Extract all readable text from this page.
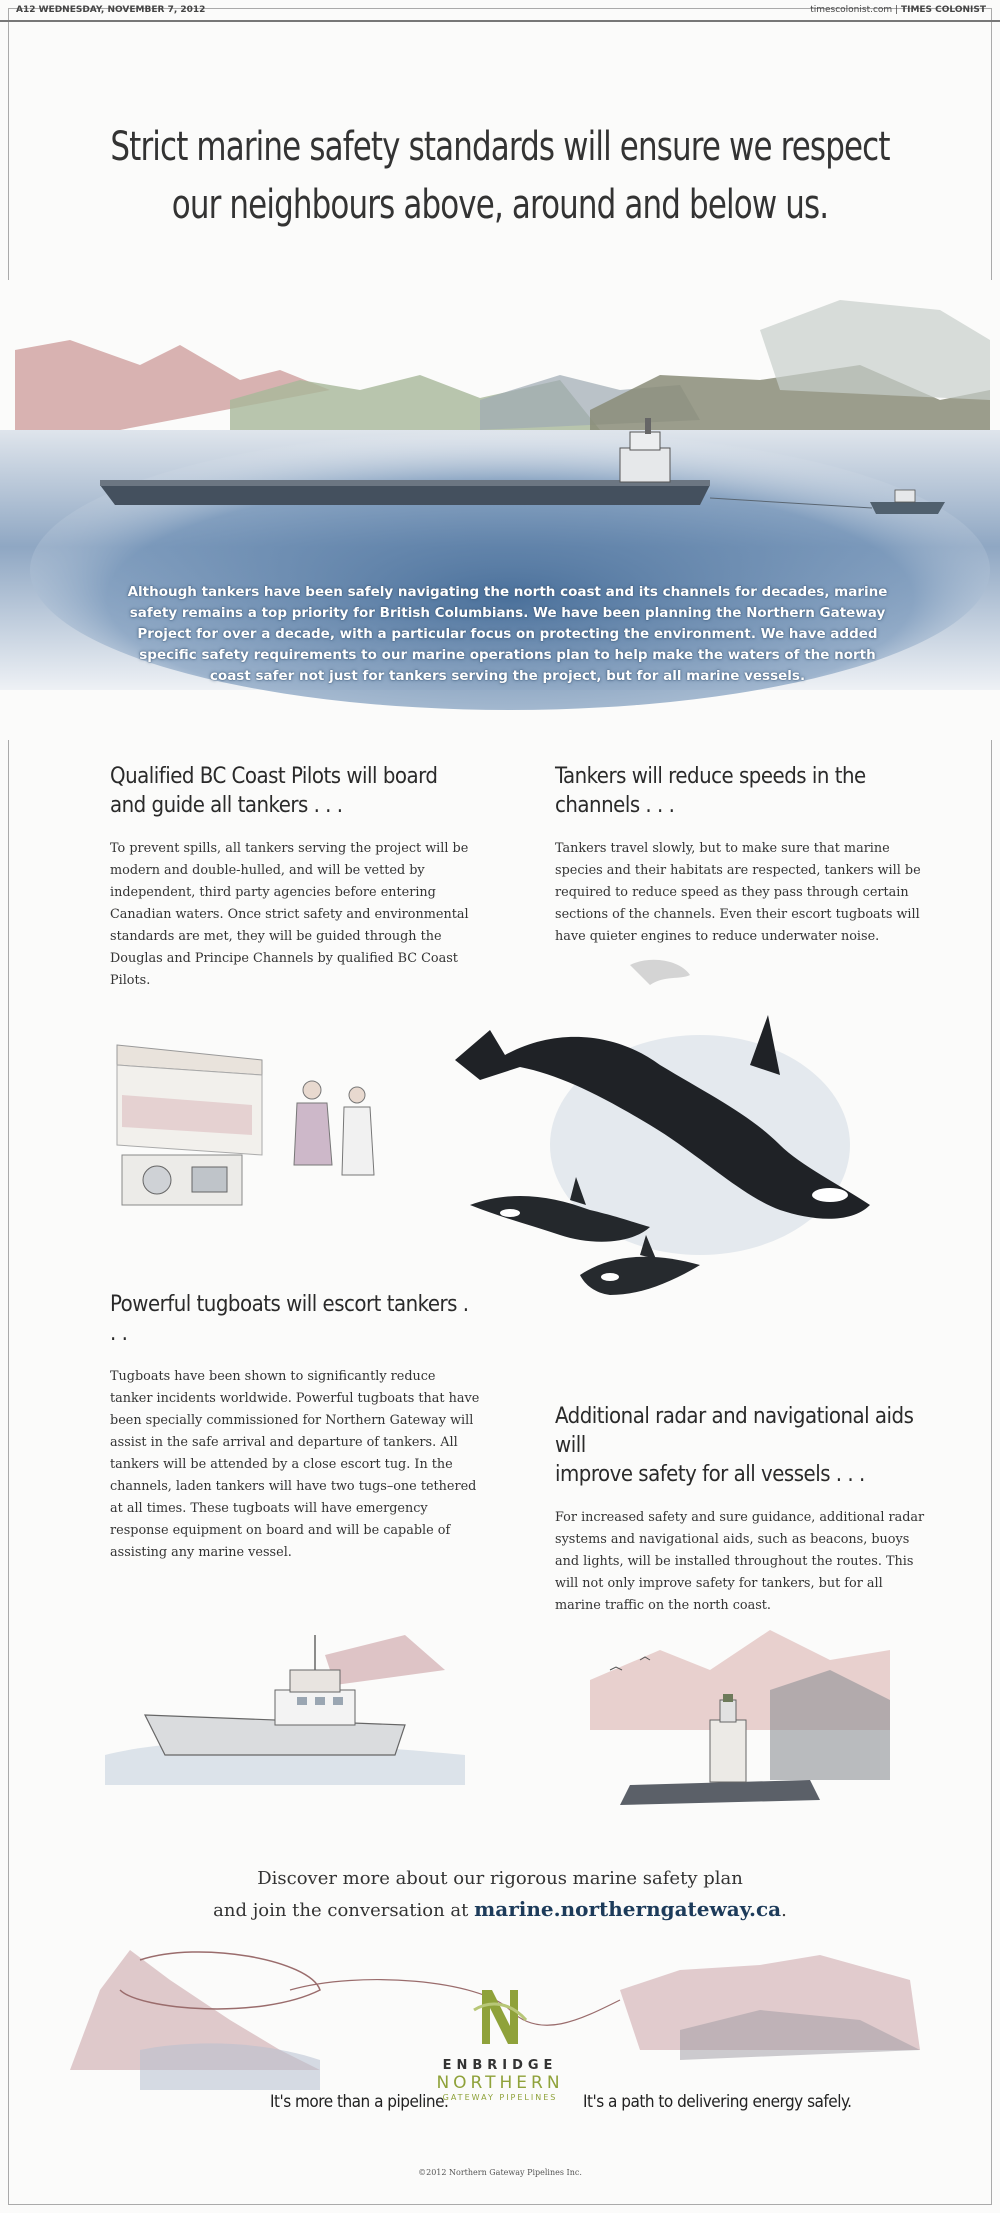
A12 WEDNESDAY, NOVEMBER 7, 2012	timescolonist.com | TIMES COLONIST
Strict marine safety standards will ensure we respect
our neighbours above, around and below us.
Although tankers have been safely navigating the north coast and its channels for decades, marine safety remains a top priority for British Columbians. We have been planning the Northern Gateway Project for over a decade, with a particular focus on protecting the environment. We have added specific safety requirements to our marine operations plan to help make the waters of the north coast safer not just for tankers serving the project, but for all marine vessels.
Qualified BC Coast Pilots will board
and guide all tankers . . .

To prevent spills, all tankers serving the project will be modern and double-hulled, and will be vetted by independent, third party agencies before entering Canadian waters. Once strict safety and environmental standards are met, they will be guided through the Douglas and Principe Channels by qualified BC Coast Pilots.

Tankers will reduce speeds in the channels . . .

Tankers travel slowly, but to make sure that marine species and their habitats are respected, tankers will be required to reduce speed as they pass through certain sections of the channels. Even their escort tugboats will have quieter engines to reduce underwater noise.

Powerful tugboats will escort tankers . . .

Tugboats have been shown to significantly reduce tanker incidents worldwide. Powerful tugboats that have been specially commissioned for Northern Gateway will assist in the safe arrival and departure of tankers. All tankers will be attended by a close escort tug. In the channels, laden tankers will have two tugs–one tethered at all times. These tugboats will have emergency response equipment on board and will be capable of assisting any marine vessel.

Additional radar and navigational aids will
improve safety for all vessels . . .

For increased safety and sure guidance, additional radar systems and navigational aids, such as beacons, buoys and lights, will be installed throughout the routes. This will not only improve safety for tankers, but for all marine traffic on the north coast.

Discover more about our rigorous marine safety plan
and join the conversation at marine.northerngateway.ca.
ENBRIDGE
NORTHERN
GATEWAY PIPELINES
It's more than a pipeline.	It's a path to delivering energy safely.
©2012 Northern Gateway Pipelines Inc.
